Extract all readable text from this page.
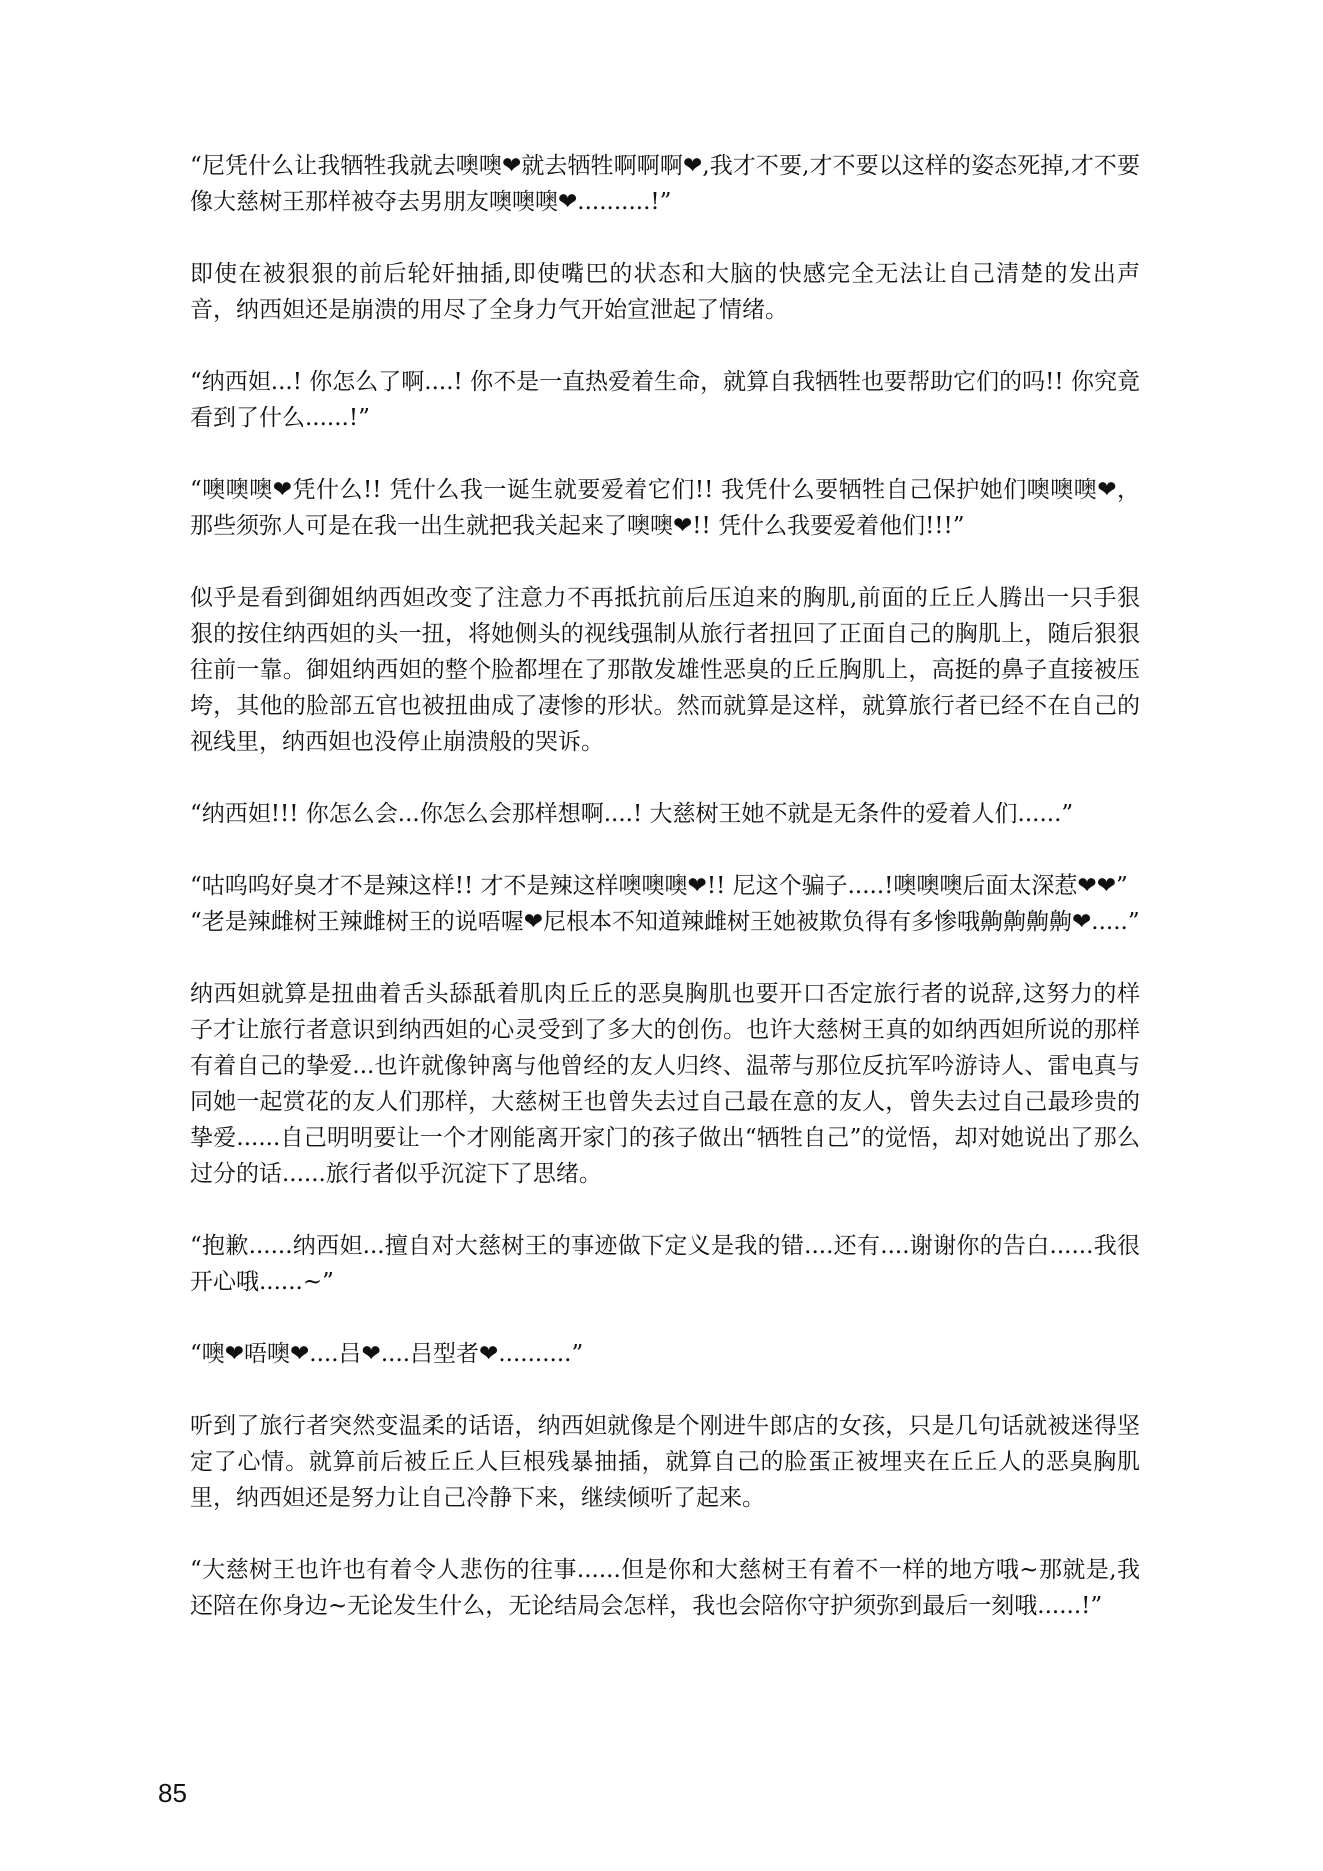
“尼凭什么让我牺牲我就去噢噢❤就去牺牲啊啊啊❤,我才不要,才不要以这样的姿态死掉,才不要像大慈树王那样被夺去男朋友噢噢噢❤..........!”

即使在被狠狠的前后轮奸抽插,即使嘴巴的状态和大脑的快感完全无法让自己清楚的发出声音，纳西妲还是崩溃的用尽了全身力气开始宣泄起了情绪。

“纳西妲...! 你怎么了啊....! 你不是一直热爱着生命，就算自我牺牲也要帮助它们的吗!! 你究竟看到了什么......!”

“噢噢噢❤凭什么!! 凭什么我一诞生就要爱着它们!! 我凭什么要牺牲自己保护她们噢噢噢❤，那些须弥人可是在我一出生就把我关起来了噢噢❤!! 凭什么我要爱着他们!!!”

似乎是看到御姐纳西妲改变了注意力不再抵抗前后压迫来的胸肌,前面的丘丘人腾出一只手狠狠的按住纳西妲的头一扭，将她侧头的视线强制从旅行者扭回了正面自己的胸肌上，随后狠狠往前一靠。御姐纳西妲的整个脸都埋在了那散发雄性恶臭的丘丘胸肌上，高挺的鼻子直接被压垮，其他的脸部五官也被扭曲成了凄惨的形状。然而就算是这样，就算旅行者已经不在自己的视线里，纳西妲也没停止崩溃般的哭诉。

“纳西妲!!! 你怎么会...你怎么会那样想啊....! 大慈树王她不就是无条件的爱着人们......”

“咕呜呜好臭才不是辣这样!! 才不是辣这样噢噢噢❤!! 尼这个骗子.....!噢噢噢后面太深惹❤❤”

“老是辣雌树王辣雌树王的说唔喔❤尼根本不知道辣雌树王她被欺负得有多惨哦齁齁齁齁❤.....”

纳西妲就算是扭曲着舌头舔舐着肌肉丘丘的恶臭胸肌也要开口否定旅行者的说辞,这努力的样子才让旅行者意识到纳西妲的心灵受到了多大的创伤。也许大慈树王真的如纳西妲所说的那样有着自己的挚爱...也许就像钟离与他曾经的友人归终、温蒂与那位反抗军吟游诗人、雷电真与同她一起赏花的友人们那样，大慈树王也曾失去过自己最在意的友人，曾失去过自己最珍贵的挚爱......自己明明要让一个才刚能离开家门的孩子做出“牺牲自己”的觉悟，却对她说出了那么过分的话......旅行者似乎沉淀下了思绪。

“抱歉......纳西妲...擅自对大慈树王的事迹做下定义是我的错....还有....谢谢你的告白......我很开心哦......~”

“噢❤唔噢❤....吕❤....吕型者❤..........”

听到了旅行者突然变温柔的话语，纳西妲就像是个刚进牛郎店的女孩，只是几句话就被迷得坚定了心情。就算前后被丘丘人巨根残暴抽插，就算自己的脸蛋正被埋夹在丘丘人的恶臭胸肌里，纳西妲还是努力让自己冷静下来，继续倾听了起来。

“大慈树王也许也有着令人悲伤的往事......但是你和大慈树王有着不一样的地方哦~那就是,我还陪在你身边~无论发生什么，无论结局会怎样，我也会陪你守护须弥到最后一刻哦......!”

85
